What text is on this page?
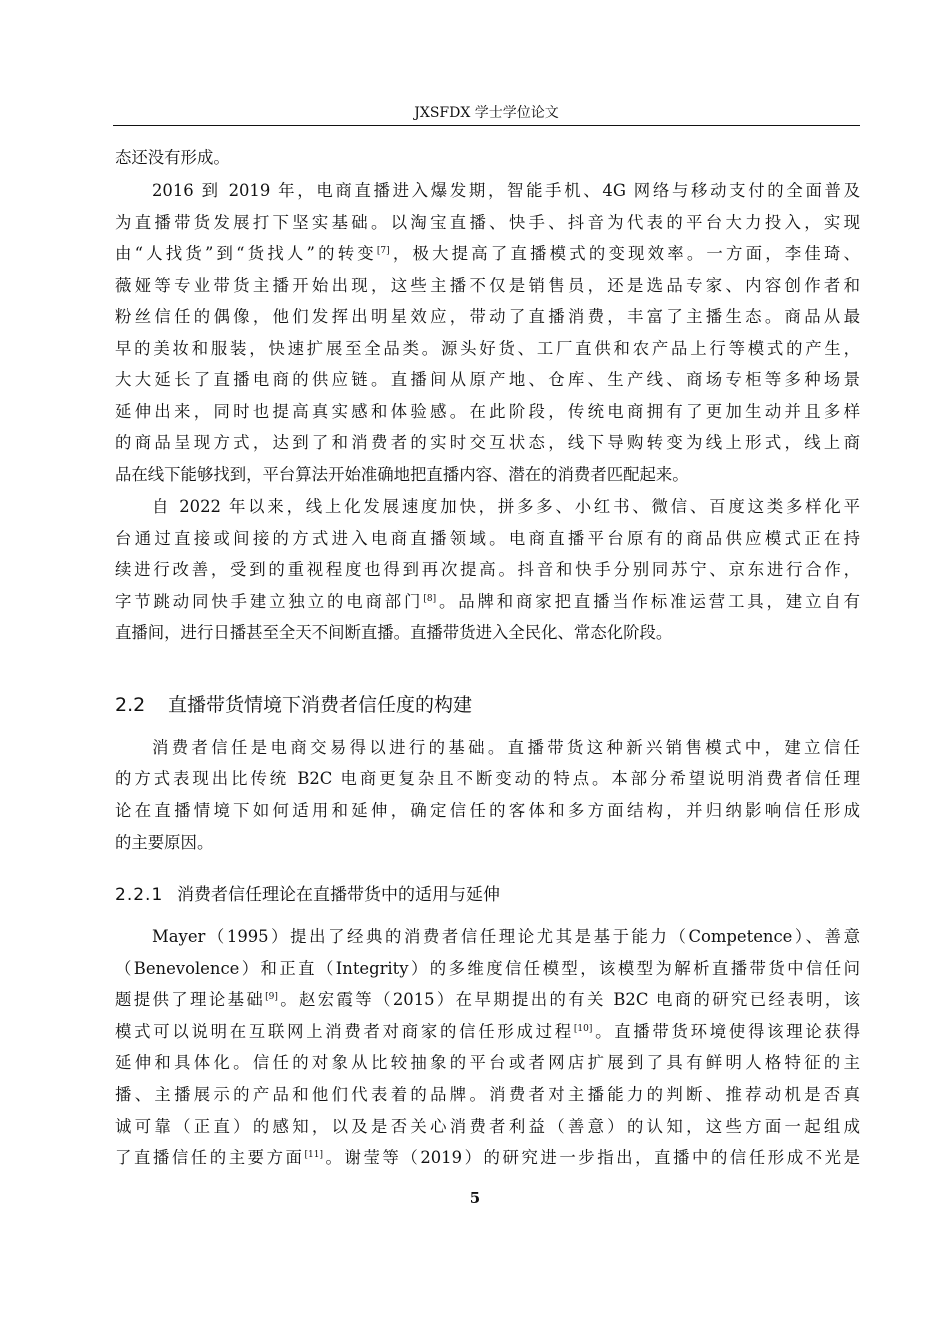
JXSFDX 学士学位论文
态还没有形成。
2016 到 2019 年，电商直播进入爆发期，智能手机、4G 网络与移动支付的全面普及
为直播带货发展打下坚实基础。以淘宝直播、快手、抖音为代表的平台大力投入，实现
由“人找货”到“货找人”的转变[7]，极大提高了直播模式的变现效率。一方面，李佳琦、
薇娅等专业带货主播开始出现，这些主播不仅是销售员，还是选品专家、内容创作者和
粉丝信任的偶像，他们发挥出明星效应，带动了直播消费，丰富了主播生态。商品从最
早的美妆和服装，快速扩展至全品类。源头好货、工厂直供和农产品上行等模式的产生，
大大延长了直播电商的供应链。直播间从原产地、仓库、生产线、商场专柜等多种场景
延伸出来，同时也提高真实感和体验感。在此阶段，传统电商拥有了更加生动并且多样
的商品呈现方式，达到了和消费者的实时交互状态，线下导购转变为线上形式，线上商
品在线下能够找到，平台算法开始准确地把直播内容、潜在的消费者匹配起来。
自 2022 年以来，线上化发展速度加快，拼多多、小红书、微信、百度这类多样化平
台通过直接或间接的方式进入电商直播领域。电商直播平台原有的商品供应模式正在持
续进行改善，受到的重视程度也得到再次提高。抖音和快手分别同苏宁、京东进行合作，
字节跳动同快手建立独立的电商部门[8]。品牌和商家把直播当作标准运营工具，建立自有
直播间，进行日播甚至全天不间断直播。直播带货进入全民化、常态化阶段。
2.2 直播带货情境下消费者信任度的构建
消费者信任是电商交易得以进行的基础。直播带货这种新兴销售模式中，建立信任
的方式表现出比传统 B2C 电商更复杂且不断变动的特点。本部分希望说明消费者信任理
论在直播情境下如何适用和延伸，确定信任的客体和多方面结构，并归纳影响信任形成
的主要原因。
2.2.1 消费者信任理论在直播带货中的适用与延伸
Mayer（1995）提出了经典的消费者信任理论尤其是基于能力（Competence）、善意
（Benevolence）和正直（Integrity）的多维度信任模型，该模型为解析直播带货中信任问
题提供了理论基础[9]。赵宏霞等（2015）在早期提出的有关 B2C 电商的研究已经表明，该
模式可以说明在互联网上消费者对商家的信任形成过程[10]。直播带货环境使得该理论获得
延伸和具体化。信任的对象从比较抽象的平台或者网店扩展到了具有鲜明人格特征的主
播、主播展示的产品和他们代表着的品牌。消费者对主播能力的判断、推荐动机是否真
诚可靠（正直）的感知，以及是否关心消费者利益（善意）的认知，这些方面一起组成
了直播信任的主要方面[11]。谢莹等（2019）的研究进一步指出，直播中的信任形成不光是
5
